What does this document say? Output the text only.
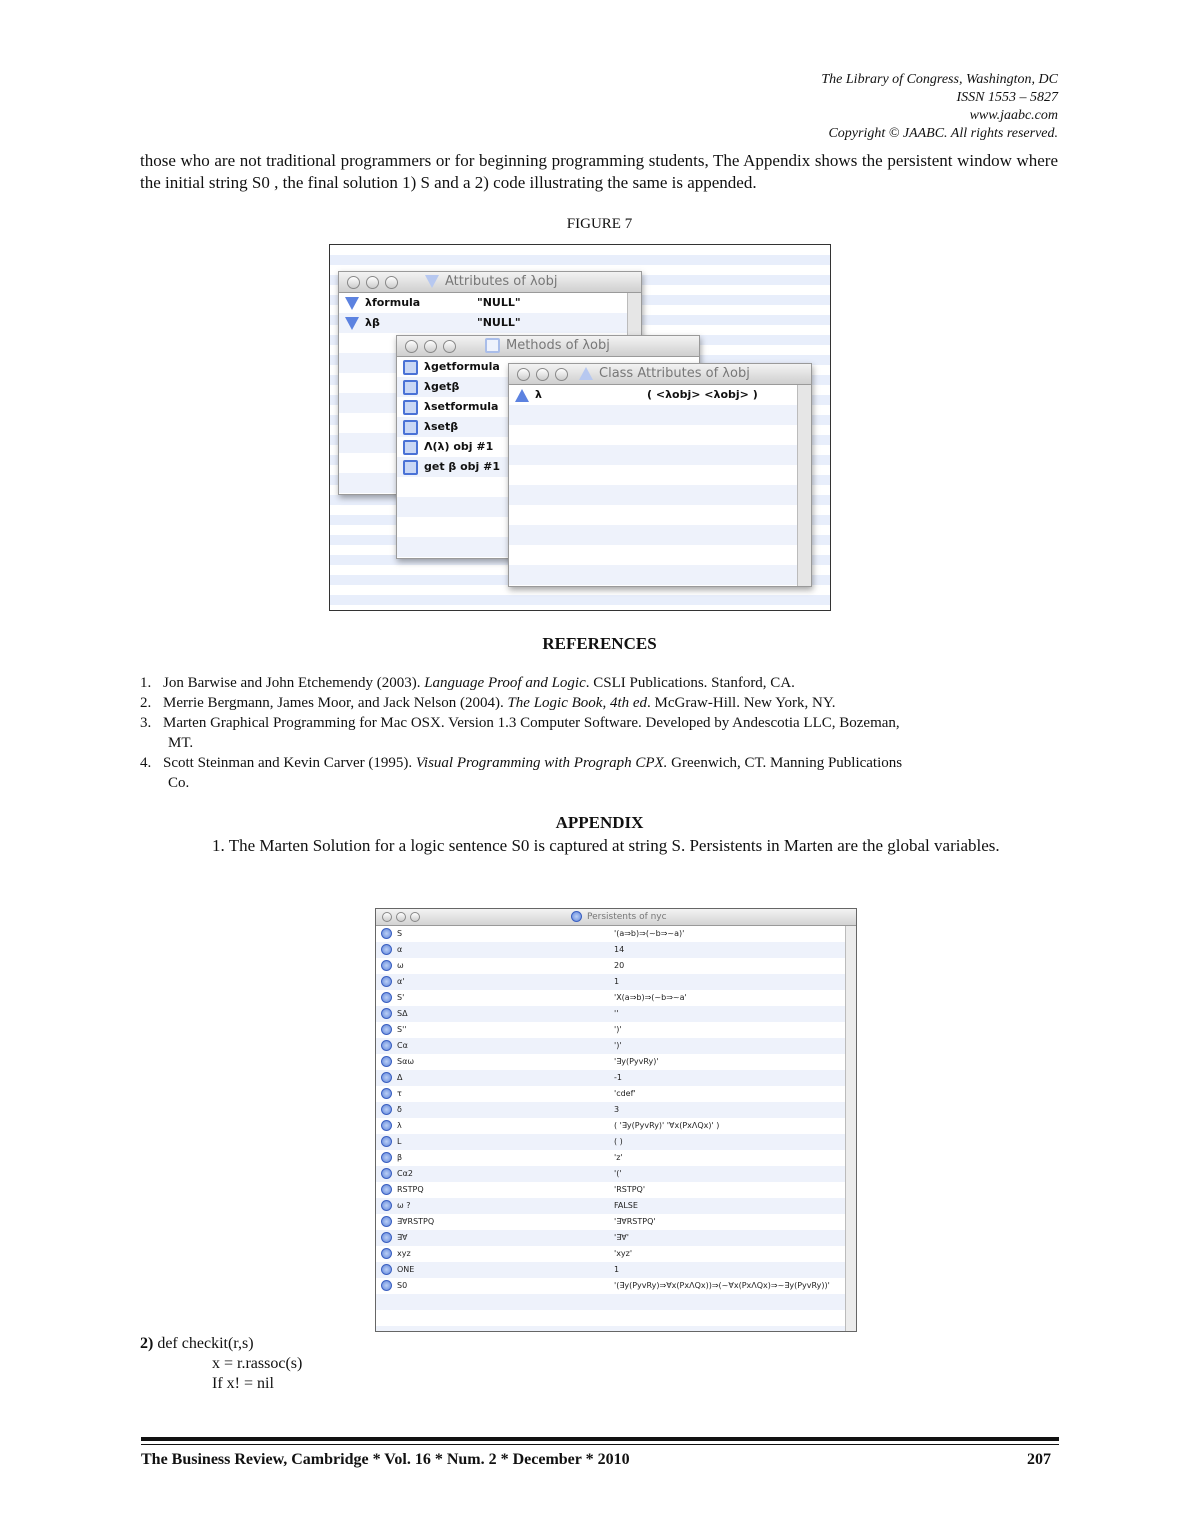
The Library of Congress, Washington, DC
ISSN 1553 – 5827
www.jaabc.com
Copyright © JAABC. All rights reserved.
those who are not traditional programmers or for beginning programming students, The Appendix shows the persistent window where the initial string S0 , the final solution 1) S and a 2) code illustrating the same is appended.
FIGURE 7
Attributes of λobj
λformula	"NULL"
λβ	"NULL"
Methods of λobj
λgetformula
λgetβ
λsetformula
λsetβ
Λ(λ) obj #1
get β obj #1
Class Attributes of λobj
λ	( <λobj> <λobj> )
REFERENCES
1. Jon Barwise and John Etchemendy (2003). Language Proof and Logic. CSLI Publications. Stanford, CA.
2. Merrie Bergmann, James Moor, and Jack Nelson (2004). The Logic Book, 4th ed. McGraw-Hill. New York, NY.
3. Marten Graphical Programming for Mac OSX. Version 1.3 Computer Software. Developed by Andescotia LLC, Bozeman,
MT.
4. Scott Steinman and Kevin Carver (1995). Visual Programming with Prograph CPX. Greenwich, CT. Manning Publications
Co.
APPENDIX
1. The Marten Solution for a logic sentence S0 is captured at string S. Persistents in Marten are the global variables.
Persistents of nyc
S	'(a⇒b)⇒(~b⇒~a)'
α	14
ω	20
α'	1
S'	'X(a⇒b)⇒(~b⇒~a'
SΔ	''
S''	')'
Cα	')'
Sαω	'∃y(PyvRy)'
Δ	-1
τ	'cdef'
δ	3
λ	( '∃y(PyvRy)' '∀x(PxΛQx)' )
L	( )
β	'z'
Cα2	'('
RSTPQ	'RSTPQ'
ω ?	FALSE
∃∀RSTPQ	'∃∀RSTPQ'
∃∀	'∃∀'
xyz	'xyz'
ONE	1
S0	'(∃y(PyvRy)⇒∀x(PxΛQx))⇒(~∀x(PxΛQx)⇒~∃y(PyvRy))'
2) def checkit(r,s)
x = r.rassoc(s)
If x! = nil
The Business Review, Cambridge * Vol. 16 * Num. 2 * December * 2010	207
